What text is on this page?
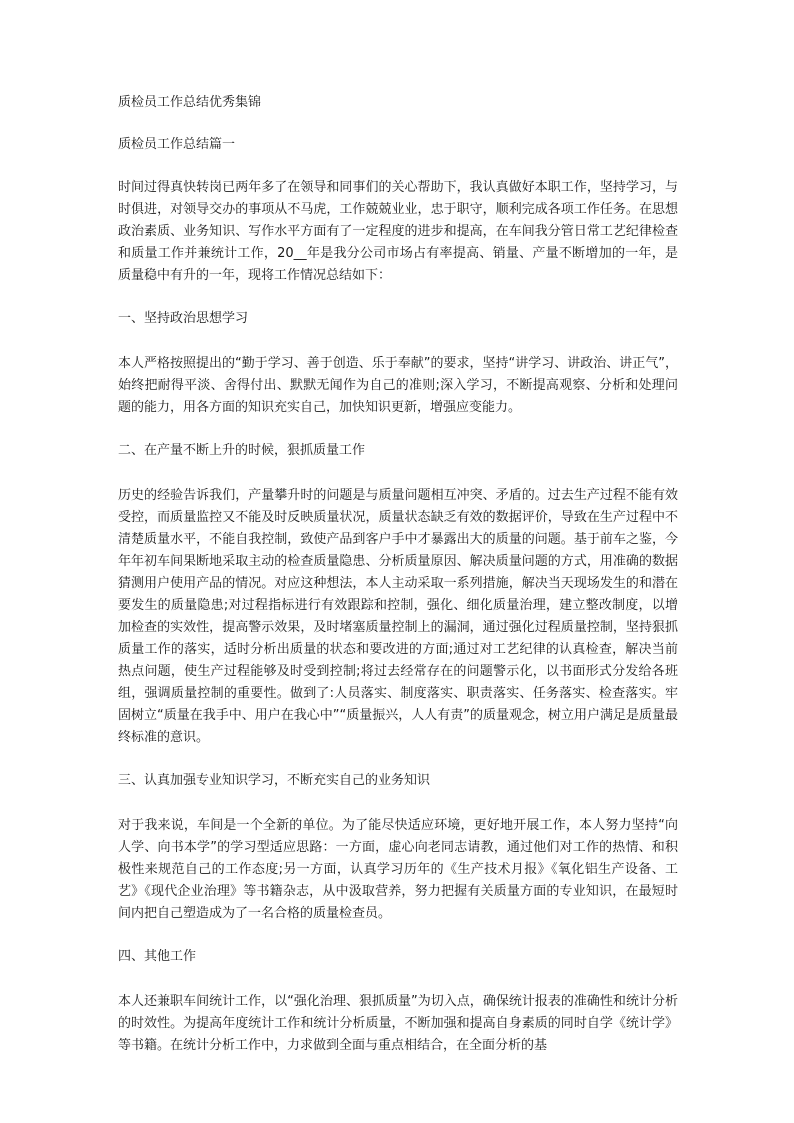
质检员工作总结优秀集锦
质检员工作总结篇一
时间过得真快转岗已两年多了在领导和同事们的关心帮助下，我认真做好本职工作，坚持学习，与时俱进，对领导交办的事项从不马虎，工作兢兢业业，忠于职守，顺利完成各项工作任务。在思想政治素质、业务知识、写作水平方面有了一定程度的进步和提高，在车间我分管日常工艺纪律检查和质量工作并兼统计工作，20__年是我分公司市场占有率提高、销量、产量不断增加的一年，是质量稳中有升的一年，现将工作情况总结如下：
一、坚持政治思想学习
本人严格按照提出的“勤于学习、善于创造、乐于奉献”的要求，坚持“讲学习、讲政治、讲正气”，始终把耐得平淡、舍得付出、默默无闻作为自己的准则;深入学习，不断提高观察、分析和处理问题的能力，用各方面的知识充实自己，加快知识更新，增强应变能力。
二、在产量不断上升的时候，狠抓质量工作
历史的经验告诉我们，产量攀升时的问题是与质量问题相互冲突、矛盾的。过去生产过程不能有效受控，而质量监控又不能及时反映质量状况，质量状态缺乏有效的数据评价，导致在生产过程中不清楚质量水平，不能自我控制，致使产品到客户手中才暴露出大的质量的问题。基于前车之鉴，今年年初车间果断地采取主动的检查质量隐患、分析质量原因、解决质量问题的方式，用准确的数据猜测用户使用产品的情况。对应这种想法，本人主动采取一系列措施，解决当天现场发生的和潜在要发生的质量隐患;对过程指标进行有效跟踪和控制，强化、细化质量治理，建立整改制度，以增加检查的实效性，提高警示效果，及时堵塞质量控制上的漏洞，通过强化过程质量控制，坚持狠抓质量工作的落实，适时分析出质量的状态和要改进的方面;通过对工艺纪律的认真检查，解决当前热点问题，使生产过程能够及时受到控制;将过去经常存在的问题警示化，以书面形式分发给各班组，强调质量控制的重要性。做到了:人员落实、制度落实、职责落实、任务落实、检查落实。牢固树立“质量在我手中、用户在我心中”“质量振兴，人人有责”的质量观念，树立用户满足是质量最终标准的意识。
三、认真加强专业知识学习，不断充实自己的业务知识
对于我来说，车间是一个全新的单位。为了能尽快适应环境，更好地开展工作，本人努力坚持“向人学、向书本学”的学习型适应思路：一方面，虚心向老同志请教，通过他们对工作的热情、和积极性来规范自己的工作态度;另一方面，认真学习历年的《生产技术月报》《氧化铝生产设备、工艺》《现代企业治理》等书籍杂志，从中汲取营养，努力把握有关质量方面的专业知识，在最短时间内把自己塑造成为了一名合格的质量检查员。
四、其他工作
本人还兼职车间统计工作，以“强化治理、狠抓质量”为切入点，确保统计报表的准确性和统计分析的时效性。为提高年度统计工作和统计分析质量，不断加强和提高自身素质的同时自学《统计学》等书籍。在统计分析工作中，力求做到全面与重点相结合，在全面分析的基
